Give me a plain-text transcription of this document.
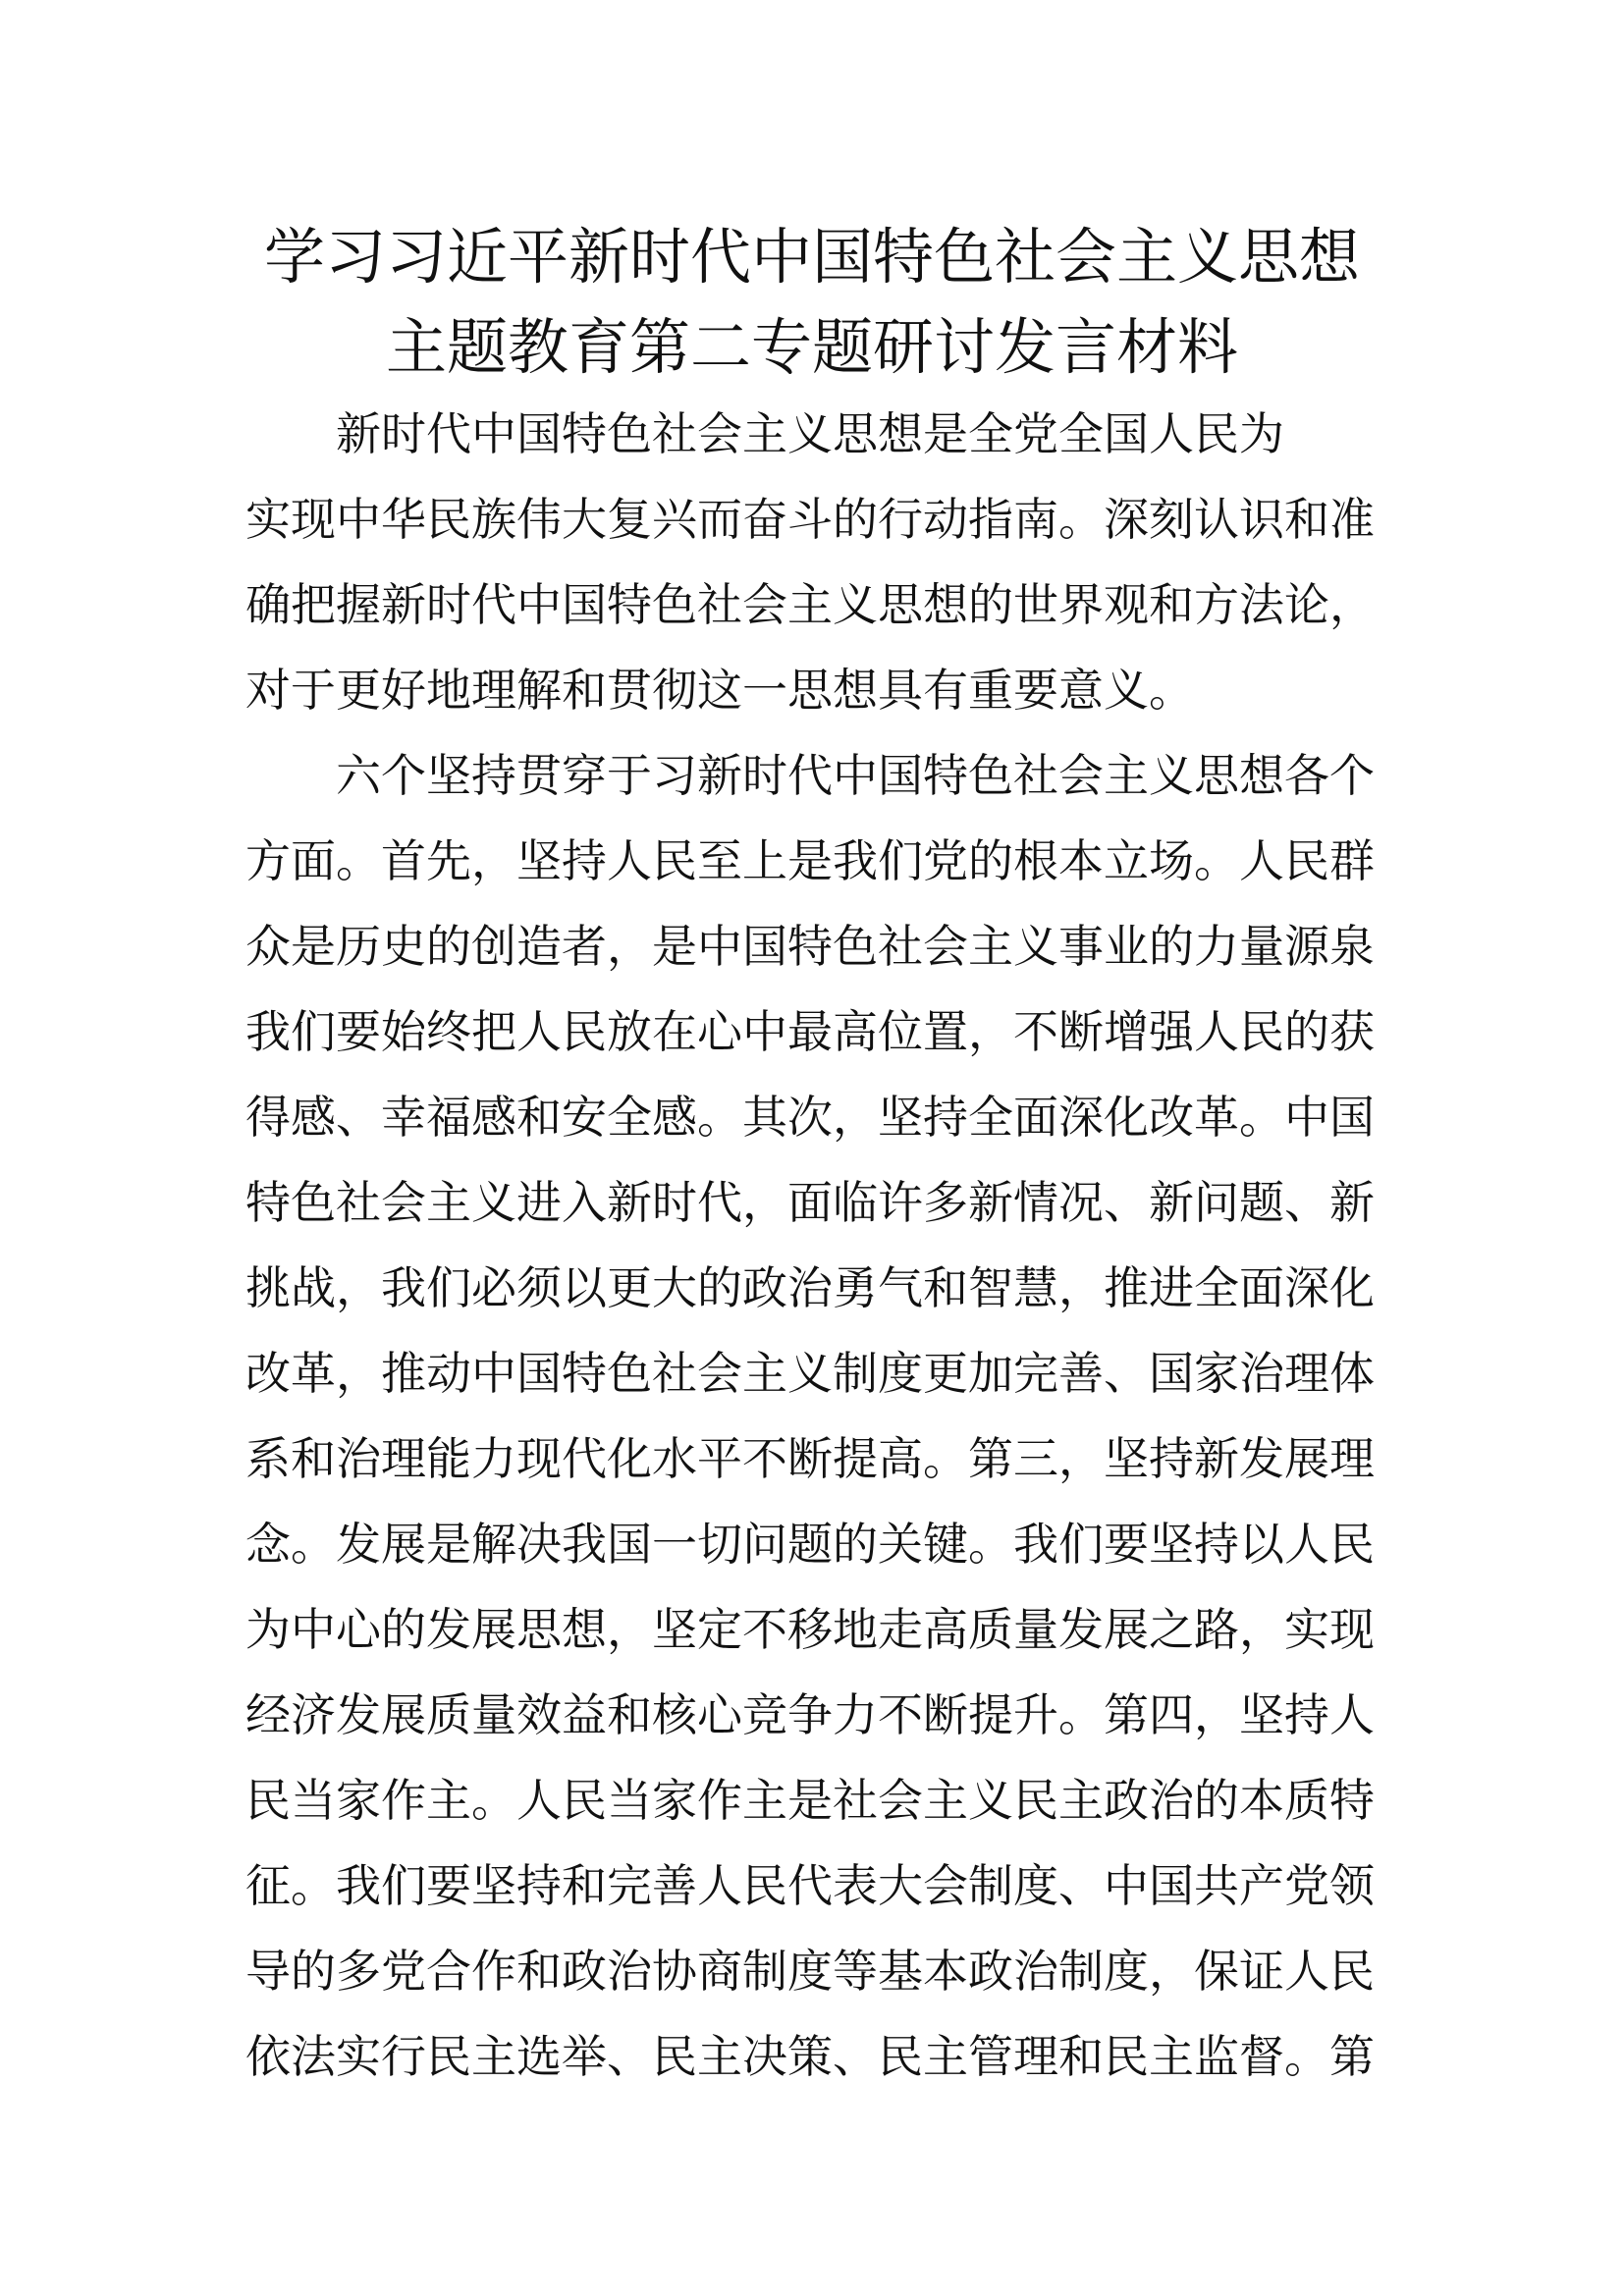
学习习近平新时代中国特色社会主义思想
主题教育第二专题研讨发言材料
　　新时代中国特色社会主义思想是全党全国人民为
实现中华民族伟大复兴而奋斗的行动指南。深刻认识和准
确把握新时代中国特色社会主义思想的世界观和方法论，
对于更好地理解和贯彻这一思想具有重要意义。
　　六个坚持贯穿于习新时代中国特色社会主义思想各个
方面。首先，坚持人民至上是我们党的根本立场。人民群
众是历史的创造者，是中国特色社会主义事业的力量源泉
我们要始终把人民放在心中最高位置，不断增强人民的获
得感、幸福感和安全感。其次，坚持全面深化改革。中国
特色社会主义进入新时代，面临许多新情况、新问题、新
挑战，我们必须以更大的政治勇气和智慧，推进全面深化
改革，推动中国特色社会主义制度更加完善、国家治理体
系和治理能力现代化水平不断提高。第三，坚持新发展理
念。发展是解决我国一切问题的关键。我们要坚持以人民
为中心的发展思想，坚定不移地走高质量发展之路，实现
经济发展质量效益和核心竞争力不断提升。第四，坚持人
民当家作主。人民当家作主是社会主义民主政治的本质特
征。我们要坚持和完善人民代表大会制度、中国共产党领
导的多党合作和政治协商制度等基本政治制度，保证人民
依法实行民主选举、民主决策、民主管理和民主监督。第
